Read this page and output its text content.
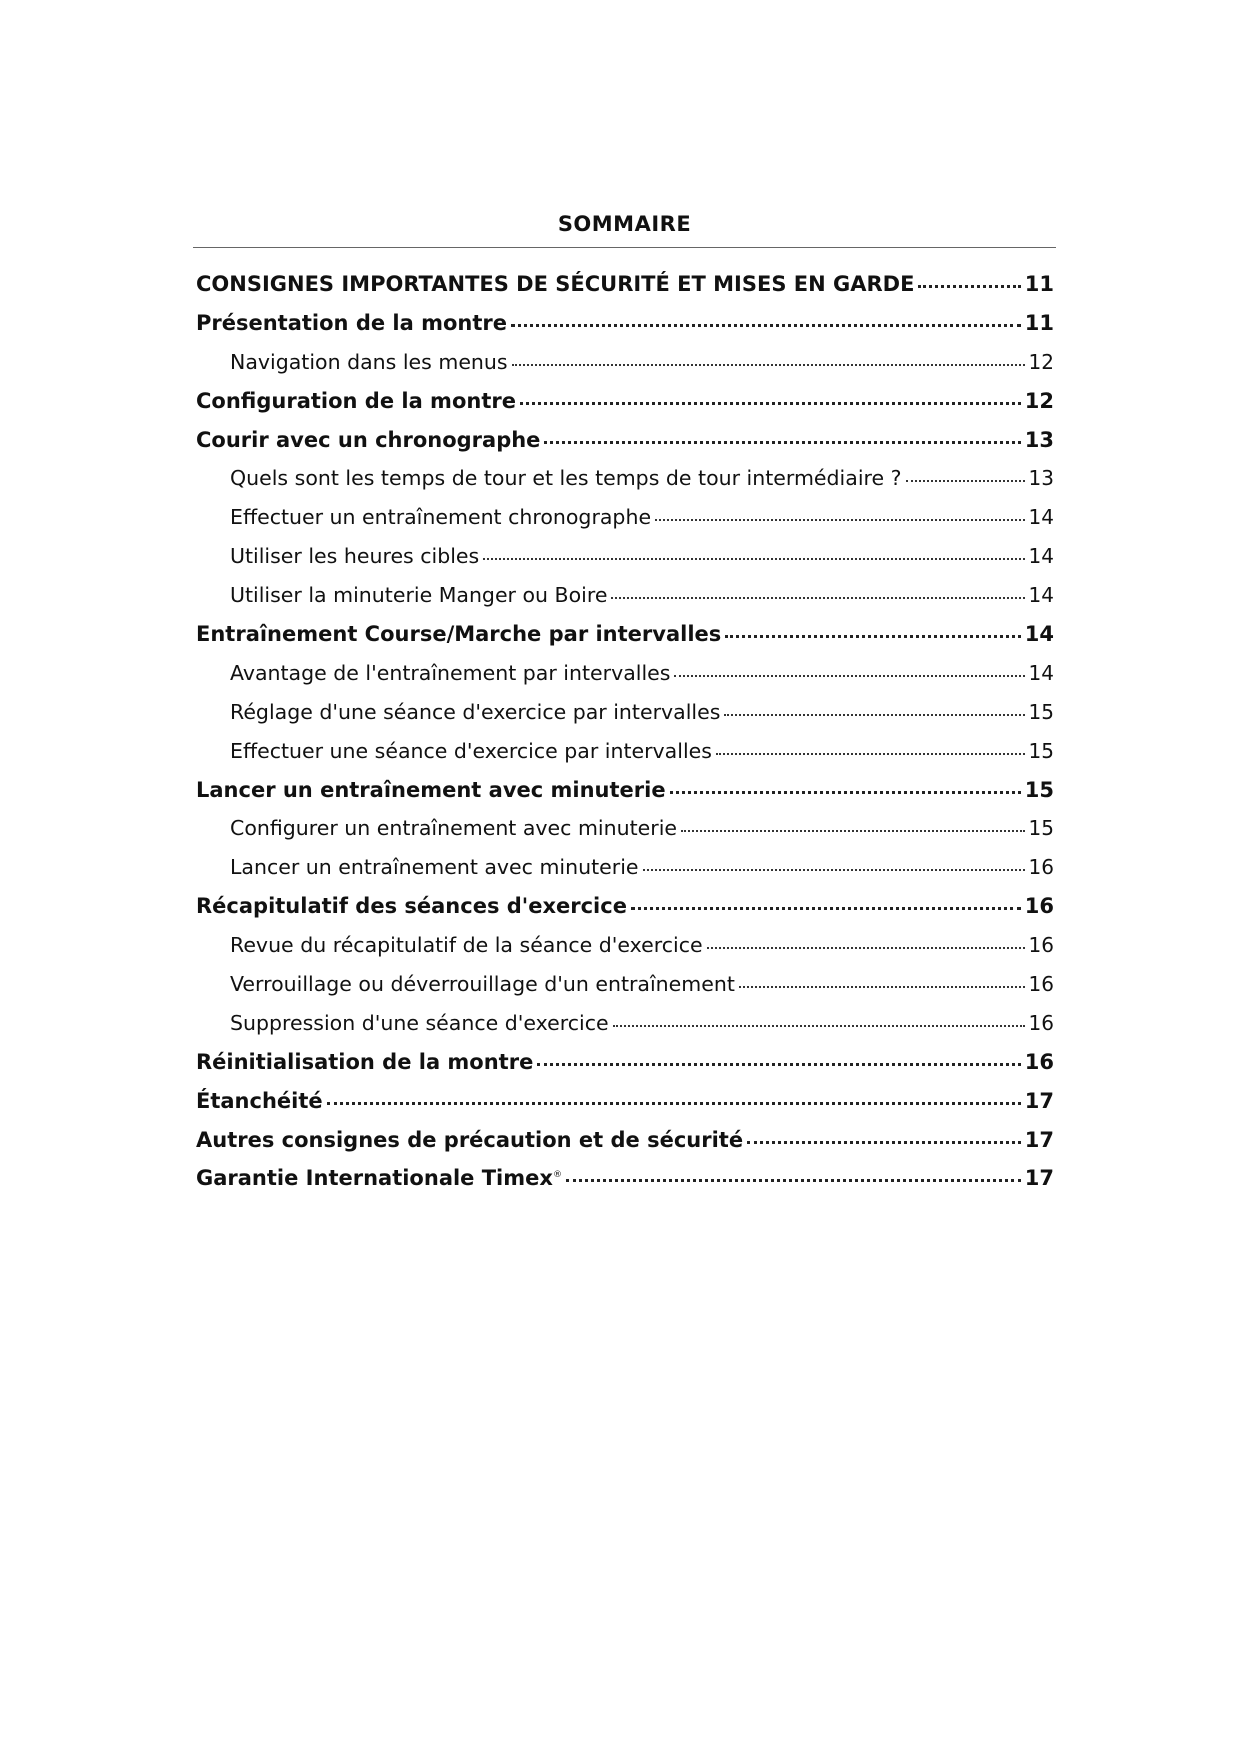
SOMMAIRE
CONSIGNES IMPORTANTES DE SÉCURITÉ ET MISES EN GARDE	11
Présentation de la montre	11
Navigation dans les menus	12
Configuration de la montre	12
Courir avec un chronographe	13
Quels sont les temps de tour et les temps de tour intermédiaire ?	13
Effectuer un entraînement chronographe	14
Utiliser les heures cibles	14
Utiliser la minuterie Manger ou Boire	14
Entraînement Course/Marche par intervalles	14
Avantage de l'entraînement par intervalles	14
Réglage d'une séance d'exercice par intervalles	15
Effectuer une séance d'exercice par intervalles	15
Lancer un entraînement avec minuterie	15
Configurer un entraînement avec minuterie	15
Lancer un entraînement avec minuterie	16
Récapitulatif des séances d'exercice	16
Revue du récapitulatif de la séance d'exercice	16
Verrouillage ou déverrouillage d'un entraînement	16
Suppression d'une séance d'exercice	16
Réinitialisation de la montre	16
Étanchéité	17
Autres consignes de précaution et de sécurité	17
Garantie Internationale Timex®	17
